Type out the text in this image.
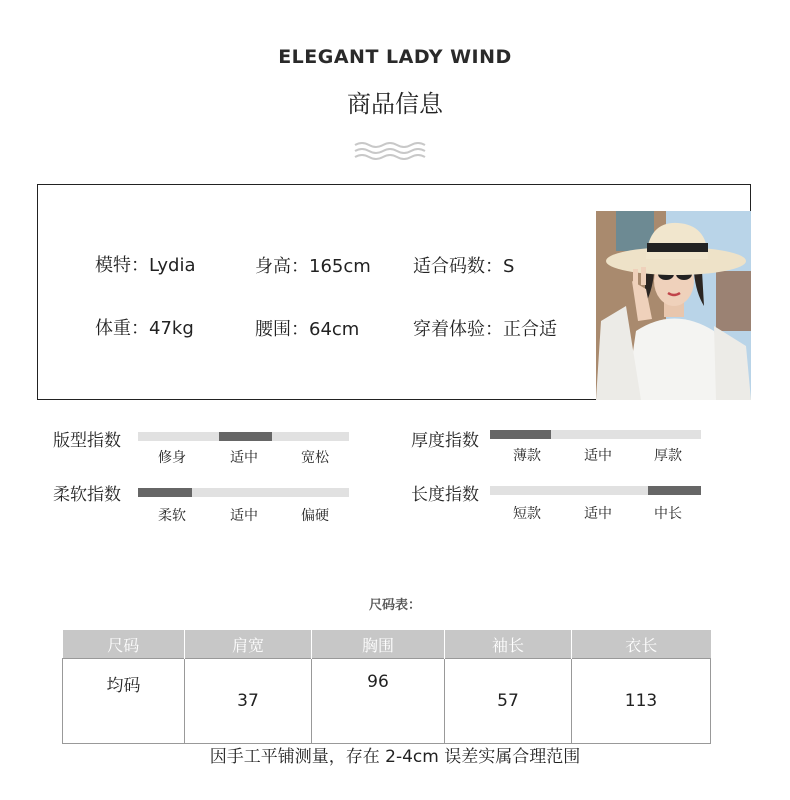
ELEGANT LADY WIND
商品信息
模特：Lydia	身高：165cm 适合码数：S
体重：47kg	腰围：64cm	穿着体验：正合适
版型指数
修身	适中	宽松
厚度指数
薄款	适中	厚款
柔软指数
柔软	适中	偏硬
长度指数
短款	适中	中长
尺码表：
尺码	肩宽	胸围	袖长	衣长
均码	37	96	57	113
因手工平铺测量，存在 2-4cm 误差实属合理范围
